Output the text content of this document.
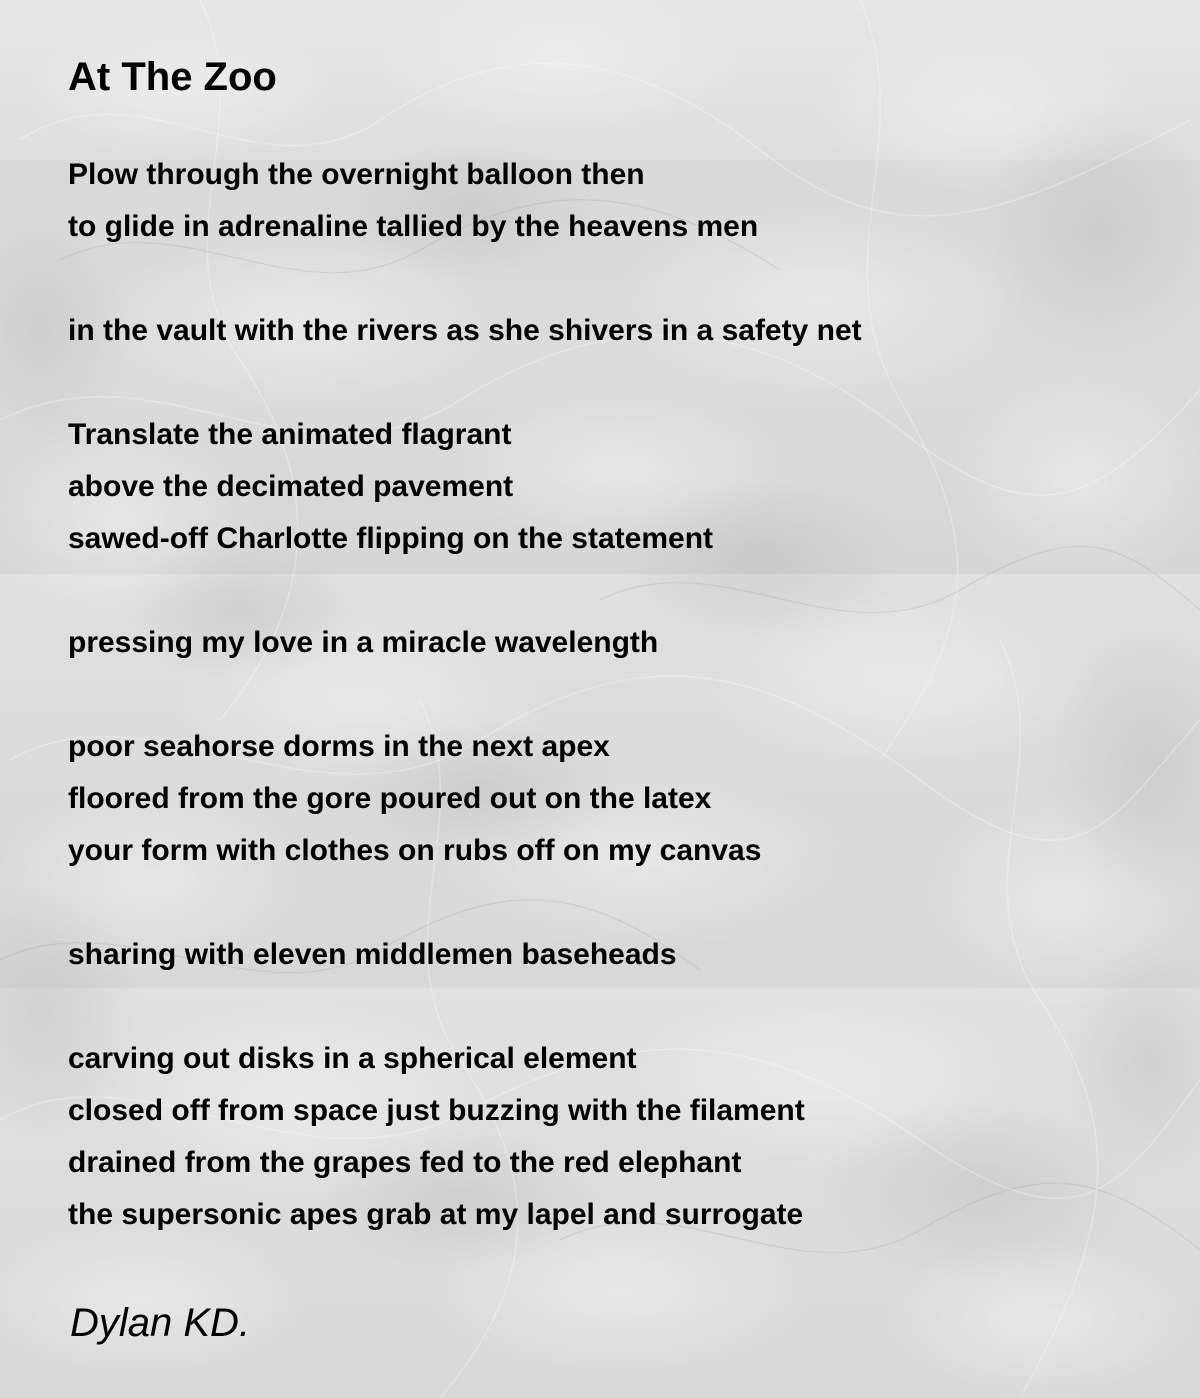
At The Zoo
Plow through the overnight balloon then
to glide in adrenaline tallied by the heavens men
in the vault with the rivers as she shivers in a safety net
Translate the animated flagrant
above the decimated pavement
sawed-off Charlotte flipping on the statement
pressing my love in a miracle wavelength
poor seahorse dorms in the next apex
floored from the gore poured out on the latex
your form with clothes on rubs off on my canvas
sharing with eleven middlemen baseheads
carving out disks in a spherical element
closed off from space just buzzing with the filament
drained from the grapes fed to the red elephant
the supersonic apes grab at my lapel and surrogate

Dylan KD.
